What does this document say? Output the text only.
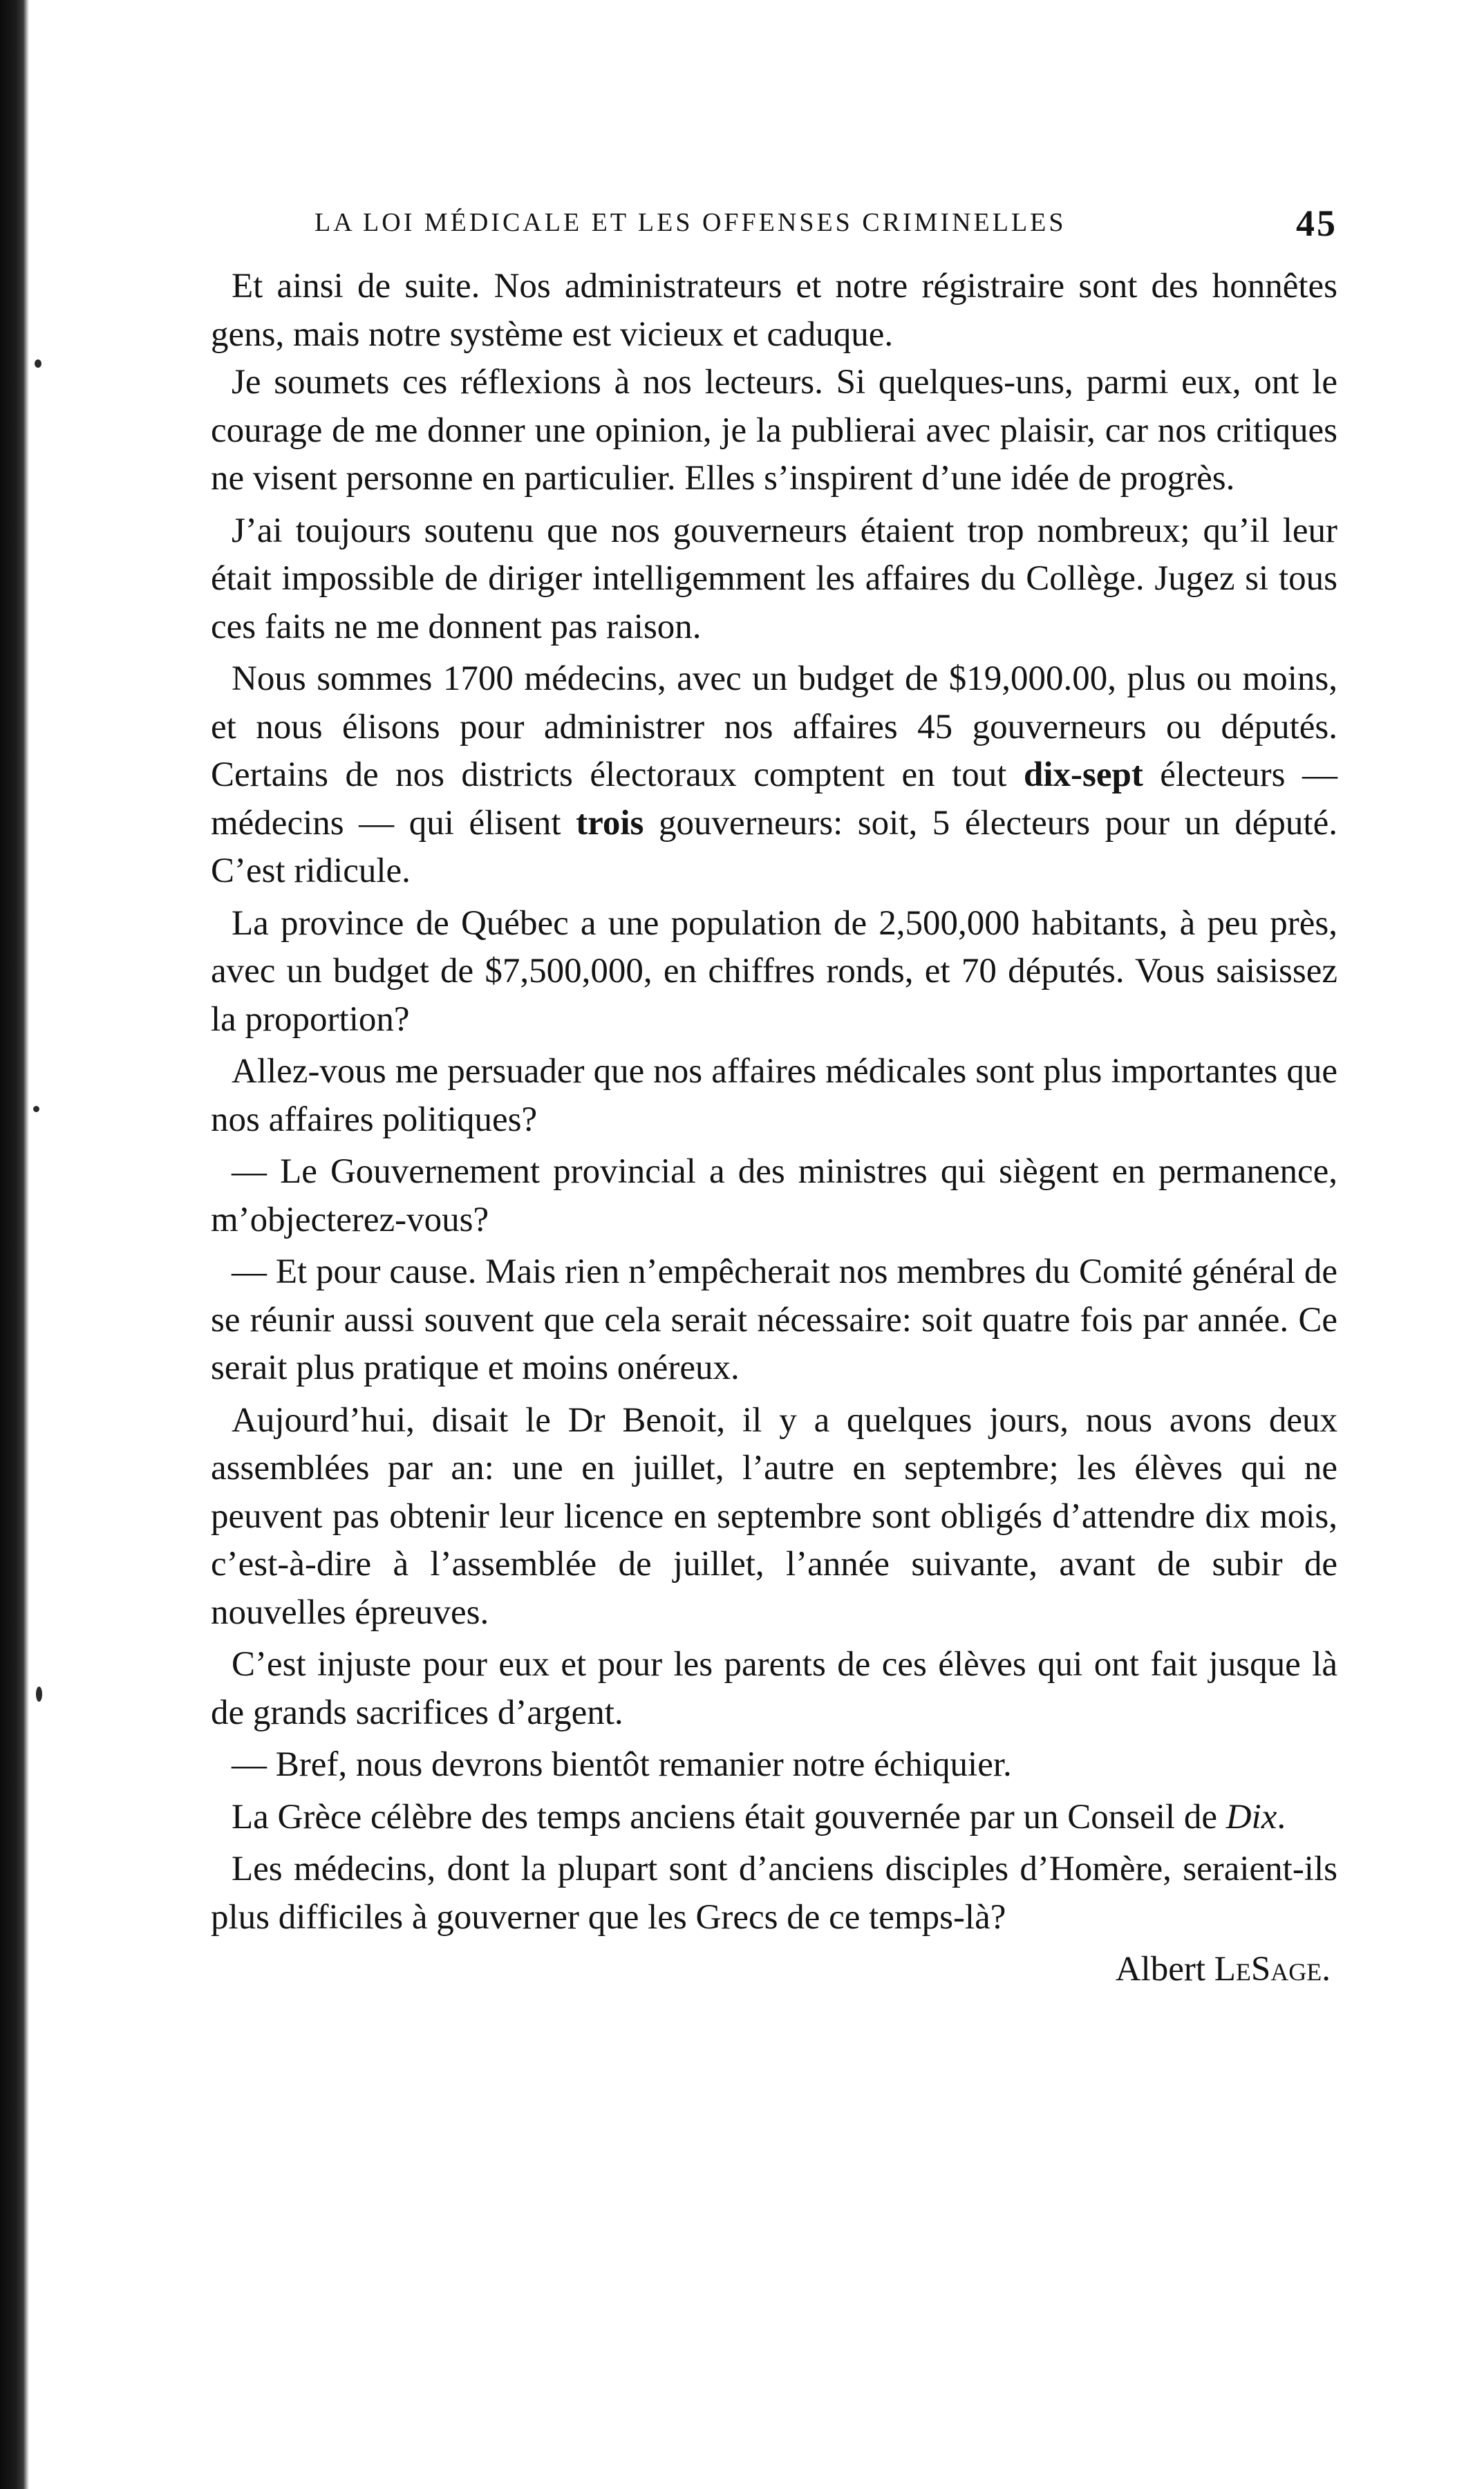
LA LOI MÉDICALE ET LES OFFENSES CRIMINELLES	45

Et ainsi de suite. Nos administrateurs et notre régistraire sont des honnêtes gens, mais notre système est vicieux et caduque.

Je soumets ces réflexions à nos lecteurs. Si quelques-uns, parmi eux, ont le courage de me donner une opinion, je la publierai avec plaisir, car nos critiques ne visent personne en particulier. Elles s’inspirent d’une idée de progrès.

J’ai toujours soutenu que nos gouverneurs étaient trop nombreux; qu’il leur était impossible de diriger intelligemment les affaires du Collège. Jugez si tous ces faits ne me donnent pas raison.

Nous sommes 1700 médecins, avec un budget de $19,000.00, plus ou moins, et nous élisons pour administrer nos affaires 45 gouverneurs ou députés. Certains de nos districts électoraux comptent en tout dix-sept électeurs — médecins — qui élisent trois gouverneurs: soit, 5 électeurs pour un député. C’est ridicule.

La province de Québec a une population de 2,500,000 habitants, à peu près, avec un budget de $7,500,000, en chiffres ronds, et 70 députés. Vous saisissez la proportion?

Allez-vous me persuader que nos affaires médicales sont plus importantes que nos affaires politiques?

— Le Gouvernement provincial a des ministres qui siègent en permanence, m’objecterez-vous?

— Et pour cause. Mais rien n’empêcherait nos membres du Comité général de se réunir aussi souvent que cela serait nécessaire: soit quatre fois par année. Ce serait plus pratique et moins onéreux.

Aujourd’hui, disait le Dr Benoit, il y a quelques jours, nous avons deux assemblées par an: une en juillet, l’autre en septembre; les élèves qui ne peuvent pas obtenir leur licence en septembre sont obligés d’attendre dix mois, c’est-à-dire à l’assemblée de juillet, l’année suivante, avant de subir de nouvelles épreuves.

C’est injuste pour eux et pour les parents de ces élèves qui ont fait jusque là de grands sacrifices d’argent.

— Bref, nous devrons bientôt remanier notre échiquier.

La Grèce célèbre des temps anciens était gouvernée par un Conseil de Dix.

Les médecins, dont la plupart sont d’anciens disciples d’Homère, seraient-ils plus difficiles à gouverner que les Grecs de ce temps-là?

Albert LeSage.
